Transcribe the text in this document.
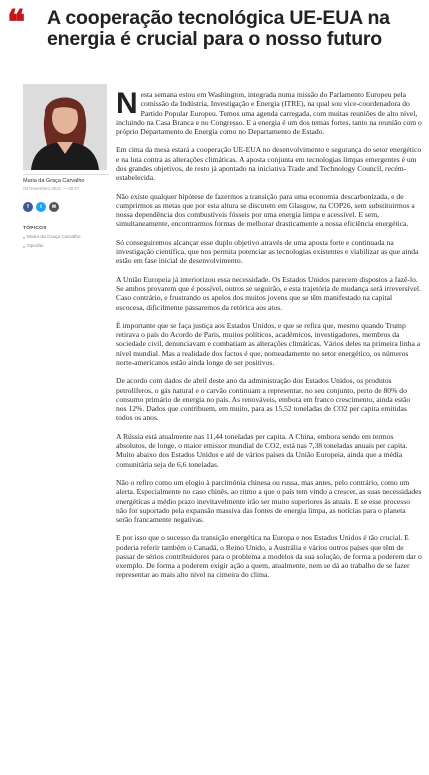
❝	A cooperação tecnológica UE-EUA na energia é crucial para o nosso futuro
Maria da Graça Carvalho
03 Novembro 2021 — 00:07
f	t	✉
TÓPICOS
Maria da Graça Carvalho
Opinião

Nesta semana estou em Washington, integrada numa missão do Parlamento Europeu pela comissão da Indústria, Investigação e Energia (ITRE), na qual sou vice-coordenadora do Partido Popular Europeu. Temos uma agenda carregada, com muitas reuniões de alto nível, incluindo na Casa Branca e no Congresso. E a energia é um dos temas fortes, tanto na reunião com o próprio Departamento de Energia como no Departamento de Estado.

Em cima da mesa estará a cooperação UE-EUA no desenvolvimento e segurança do setor energético e na luta contra as alterações climáticas. A aposta conjunta em tecnologias limpas emergentes é um dos grandes objetivos, de resto já apontado na iniciativa Trade and Technology Council, recém-estabelecida.

Não existe qualquer hipótese de fazermos a transição para uma economia descarbonizada, e de cumprirmos as metas que por esta altura se discutem em Glasgow, na COP26, sem substituirmos a nossa dependência dos combustíveis fósseis por uma energia limpa e acessível. E sem, simultaneamente, encontrarmos formas de melhorar drasticamente a nossa eficiência energética.

Só conseguiremos alcançar esse duplo objetivo através de uma aposta forte e continuada na investigação científica, que nos permita potenciar as tecnologias existentes e viabilizar as que ainda estão em fase inicial de desenvolvimento.

A União Europeia já interiorizou essa necessidade. Os Estados Unidos parecem dispostos a fazê-lo. Se ambos provarem que é possível, outros se seguirão, e esta trajetória de mudança será irreversível. Caso contrário, e frustrando os apelos dos muitos jovens que se têm manifestado na capital escocesa, dificilmente passaremos da retórica aos atos.

É importante que se faça justiça aos Estados Unidos, e que se refira que, mesmo quando Trump retirava o país do Acordo de Paris, muitos políticos, académicos, investigadores, membros da sociedade civil, denunciavam e combatiam as alterações climáticas. Vários deles na primeira linha a nível mundial. Mas a realidade dos factos é que, nomeadamente no setor energético, os números norte-americanos estão ainda longe de ser positivos.

De acordo com dados de abril deste ano da administração dos Estados Unidos, os produtos petrolíferos, o gás natural e o carvão continuam a representar, no seu conjunto, perto de 80% do consumo primário de energia no país. As renováveis, embora em franco crescimento, ainda estão nos 12%. Dados que contribuem, em muito, para as 15,52 toneladas de CO2 per capita emitidas todos os anos.

A Rússia está atualmente nas 11,44 toneladas per capita. A China, embora sendo em termos absolutos, de longe, o maior emissor mundial de CO2, está nas 7,38 toneladas anuais per capita. Muito abaixo dos Estados Unidos e até de vários países da União Europeia, ainda que a média comunitária seja de 6,6 toneladas.

Não o refiro como um elogio à parcimónia chinesa ou russa, mas antes, pelo contrário, como um alerta. Especialmente no caso chinês, ao ritmo a que o país tem vindo a crescer, as suas necessidades energéticas a médio prazo inevitavelmente irão ser muito superiores às atuais. E se esse processo não for suportado pela expansão massiva das fontes de energia limpa, as notícias para o planeta serão francamente negativas.

E por isso que o sucesso da transição energética na Europa e nos Estados Unidos é tão crucial. E poderia referir também o Canadá, o Reino Unido, a Austrália e vários outros países que têm de passar de sérios contribuidores para o problema a modelos da sua solução, de forma a poderem dar o exemplo. De forma a poderem exigir ação a quem, atualmente, nem se dá ao trabalho de se fazer representar ao mais alto nível na cimeira do clima.
